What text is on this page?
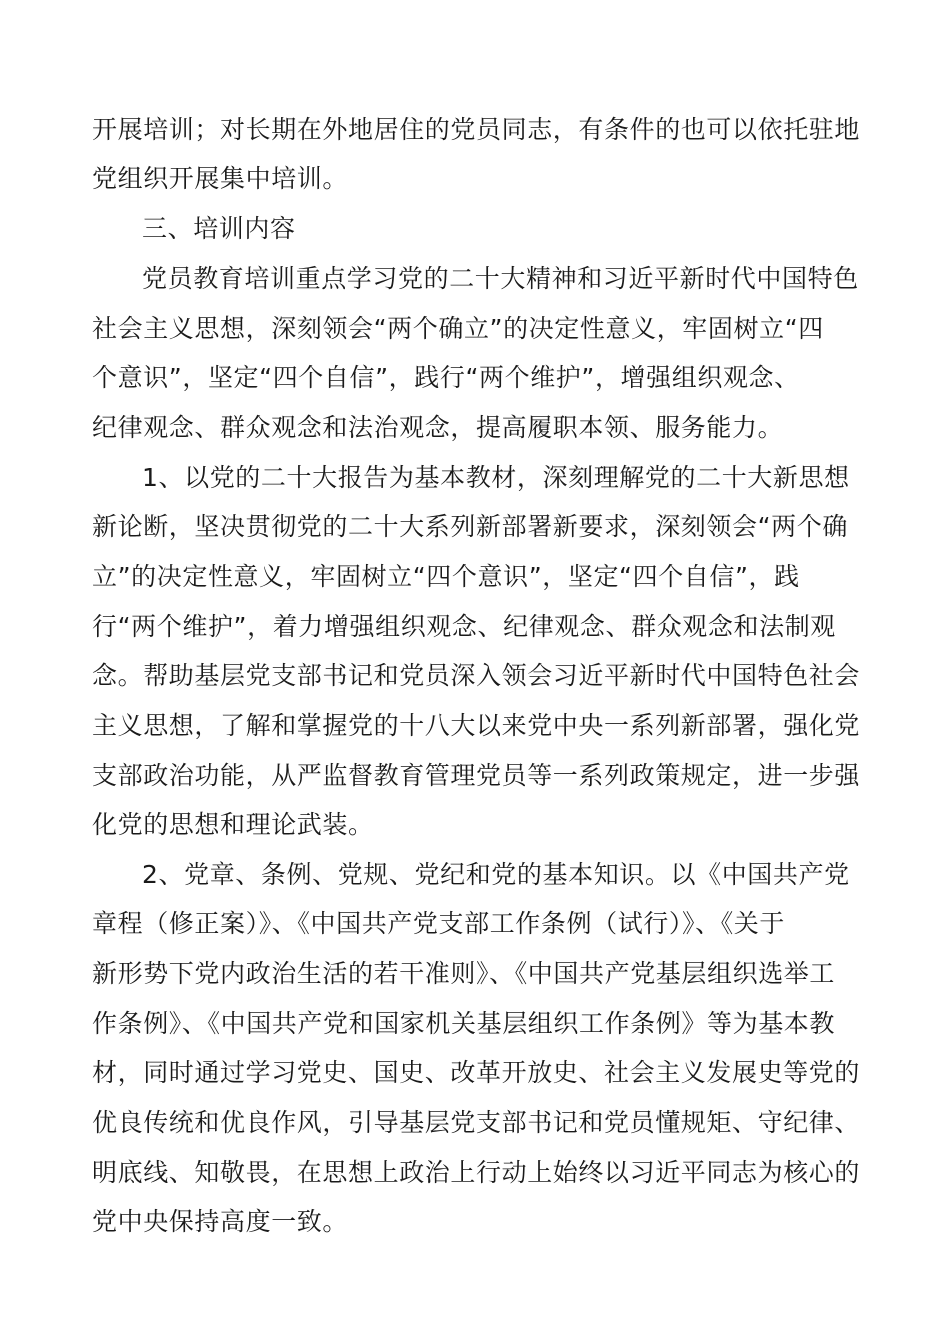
开展培训；对长期在外地居住的党员同志，有条件的也可以依托驻地
党组织开展集中培训。
三、培训内容
党员教育培训重点学习党的二十大精神和习近平新时代中国特色
社会主义思想，深刻领会“两个确立”的决定性意义，牢固树立“四
个意识”，坚定“四个自信”，践行“两个维护”，增强组织观念、
纪律观念、群众观念和法治观念，提高履职本领、服务能力。
1、以党的二十大报告为基本教材，深刻理解党的二十大新思想
新论断，坚决贯彻党的二十大系列新部署新要求，深刻领会“两个确
立”的决定性意义，牢固树立“四个意识”，坚定“四个自信”，践
行“两个维护”，着力增强组织观念、纪律观念、群众观念和法制观
念。帮助基层党支部书记和党员深入领会习近平新时代中国特色社会
主义思想，了解和掌握党的十八大以来党中央一系列新部署，强化党
支部政治功能，从严监督教育管理党员等一系列政策规定，进一步强
化党的思想和理论武装。
2、党章、条例、党规、党纪和党的基本知识。以《中国共产党
章程（修正案）》、《中国共产党支部工作条例（试行）》、《关于
新形势下党内政治生活的若干准则》、《中国共产党基层组织选举工
作条例》、《中国共产党和国家机关基层组织工作条例》等为基本教
材，同时通过学习党史、国史、改革开放史、社会主义发展史等党的
优良传统和优良作风，引导基层党支部书记和党员懂规矩、守纪律、
明底线、知敬畏，在思想上政治上行动上始终以习近平同志为核心的
党中央保持高度一致。
